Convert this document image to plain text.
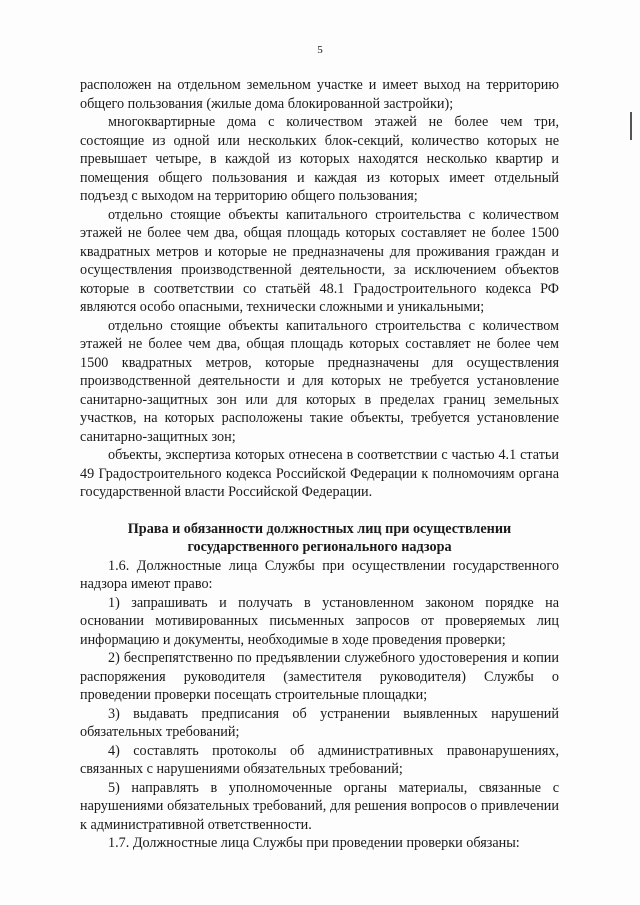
5

расположен на отдельном земельном участке и имеет выход на территорию общего пользования (жилые дома блокированной застройки);

многоквартирные дома с количеством этажей не более чем три, состоящие из одной или нескольких блок-секций, количество которых не превышает четыре, в каждой из которых находятся несколько квартир и помещения общего пользования и каждая из которых имеет отдельный подъезд с выходом на территорию общего пользования;

отдельно стоящие объекты капитального строительства с количеством этажей не более чем два, общая площадь которых составляет не более 1500 квадратных метров и которые не предназначены для проживания граждан и осуществления производственной деятельности, за исключением объектов которые в соответствии со статьёй 48.1 Градостроительного кодекса РФ являются особо опасными, технически сложными и уникальными;

отдельно стоящие объекты капитального строительства с количеством этажей не более чем два, общая площадь которых составляет не более чем 1500 квадратных метров, которые предназначены для осуществления производственной деятельности и для которых не требуется установление санитарно-защитных зон или для которых в пределах границ земельных участков, на которых расположены такие объекты, требуется установление санитарно-защитных зон;

объекты, экспертиза которых отнесена в соответствии с частью 4.1 статьи 49 Градостроительного кодекса Российской Федерации к полномочиям органа государственной власти Российской Федерации.

Права и обязанности должностных лиц при осуществлении государственного регионального надзора

1.6. Должностные лица Службы при осуществлении государственного надзора имеют право:

1) запрашивать и получать в установленном законом порядке на основании мотивированных письменных запросов от проверяемых лиц информацию и документы, необходимые в ходе проведения проверки;

2) беспрепятственно по предъявлении служебного удостоверения и копии распоряжения руководителя (заместителя руководителя) Службы о проведении проверки посещать строительные площадки;

3) выдавать предписания об устранении выявленных нарушений обязательных требований;

4) составлять протоколы об административных правонарушениях, связанных с нарушениями обязательных требований;

5) направлять в уполномоченные органы материалы, связанные с нарушениями обязательных требований, для решения вопросов о привлечении к административной ответственности.

1.7. Должностные лица Службы при проведении проверки обязаны:
